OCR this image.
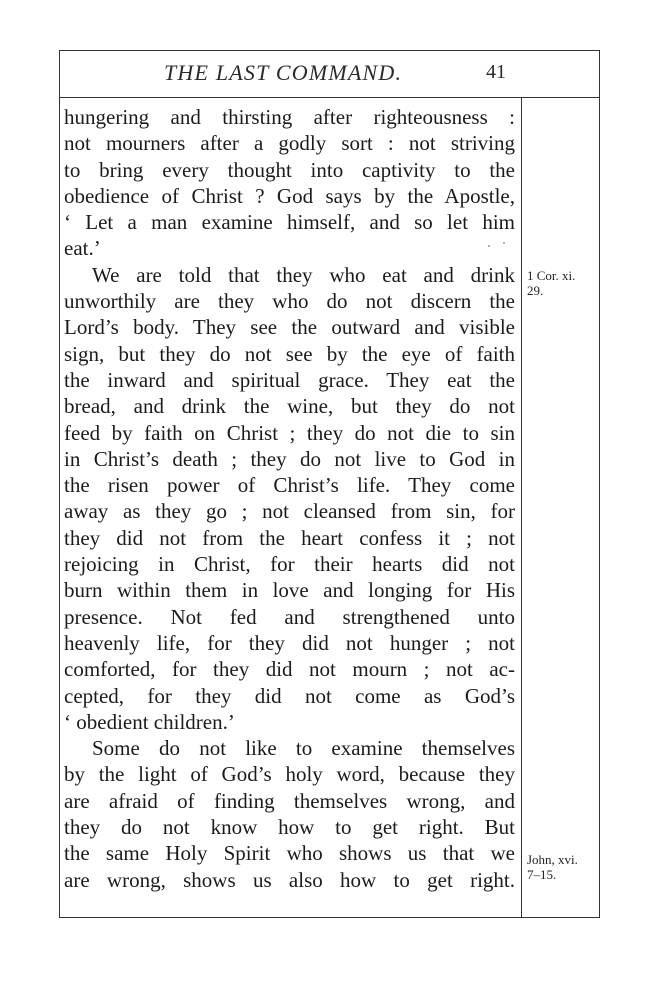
THE LAST COMMAND.	41
hungering and thirsting after righteousness :
not mourners after a godly sort : not striving
to bring every thought into captivity to the
obedience of Christ ? God says by the Apostle,
‘ Let a man examine himself, and so let him
eat.’
We are told that they who eat and drink
unworthily are they who do not discern the
Lord’s body. They see the outward and visible
sign, but they do not see by the eye of faith
the inward and spiritual grace. They eat the
bread, and drink the wine, but they do not
feed by faith on Christ ; they do not die to sin
in Christ’s death ; they do not live to God in
the risen power of Christ’s life. They come
away as they go ; not cleansed from sin, for
they did not from the heart confess it ; not
rejoicing in Christ, for their hearts did not
burn within them in love and longing for His
presence. Not fed and strengthened unto
heavenly life, for they did not hunger ; not
comforted, for they did not mourn ; not ac-
cepted, for they did not come as God’s
‘ obedient children.’
Some do not like to examine themselves
by the light of God’s holy word, because they
are afraid of finding themselves wrong, and
they do not know how to get right. But
the same Holy Spirit who shows us that we
are wrong, shows us also how to get right.
1 Cor. xi.
29.
John, xvi.
7–15.
